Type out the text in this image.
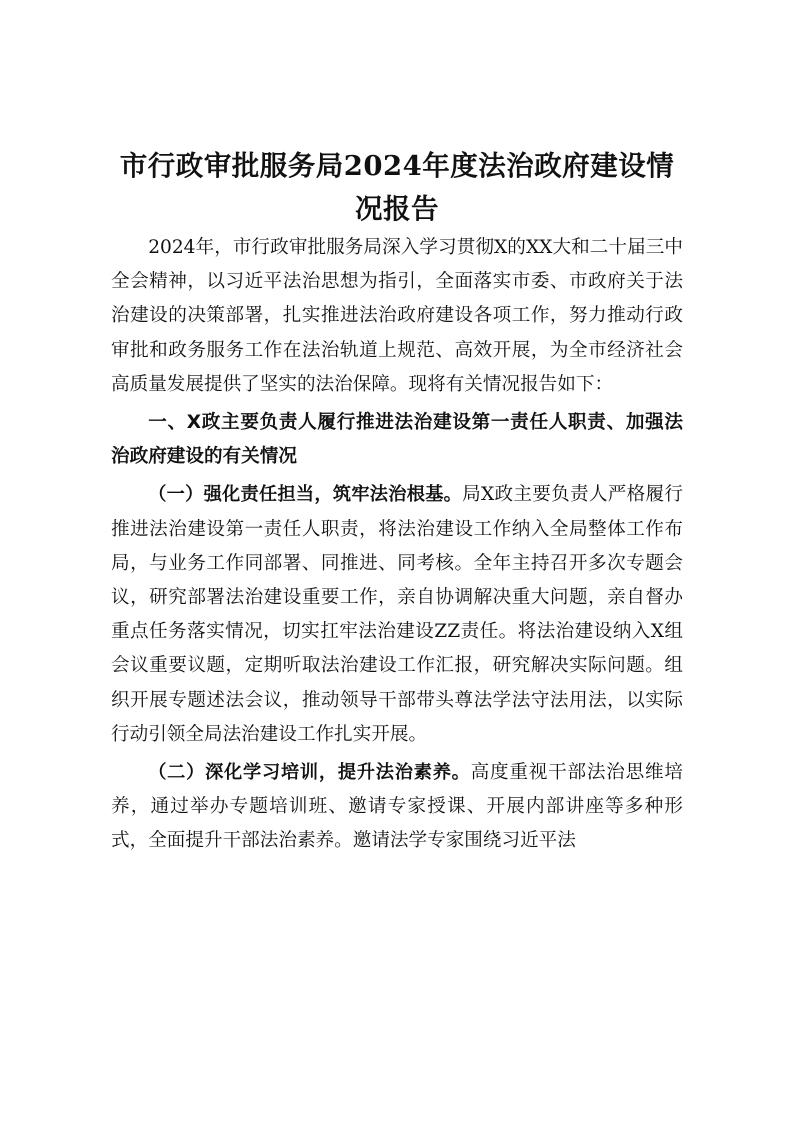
市行政审批服务局2024年度法治政府建设情况报告

2024年，市行政审批服务局深入学习贯彻X的XX大和二十届三中全会精神，以习近平法治思想为指引，全面落实市委、市政府关于法治建设的决策部署，扎实推进法治政府建设各项工作，努力推动行政审批和政务服务工作在法治轨道上规范、高效开展，为全市经济社会高质量发展提供了坚实的法治保障。现将有关情况报告如下：

一、X政主要负责人履行推进法治建设第一责任人职责、加强法治政府建设的有关情况

（一）强化责任担当，筑牢法治根基。局X政主要负责人严格履行推进法治建设第一责任人职责，将法治建设工作纳入全局整体工作布局，与业务工作同部署、同推进、同考核。全年主持召开多次专题会议，研究部署法治建设重要工作，亲自协调解决重大问题，亲自督办重点任务落实情况，切实扛牢法治建设ZZ责任。将法治建设纳入X组会议重要议题，定期听取法治建设工作汇报，研究解决实际问题。组织开展专题述法会议，推动领导干部带头尊法学法守法用法，以实际行动引领全局法治建设工作扎实开展。

（二）深化学习培训，提升法治素养。高度重视干部法治思维培养，通过举办专题培训班、邀请专家授课、开展内部讲座等多种形式，全面提升干部法治素养。邀请法学专家围绕习近平法
